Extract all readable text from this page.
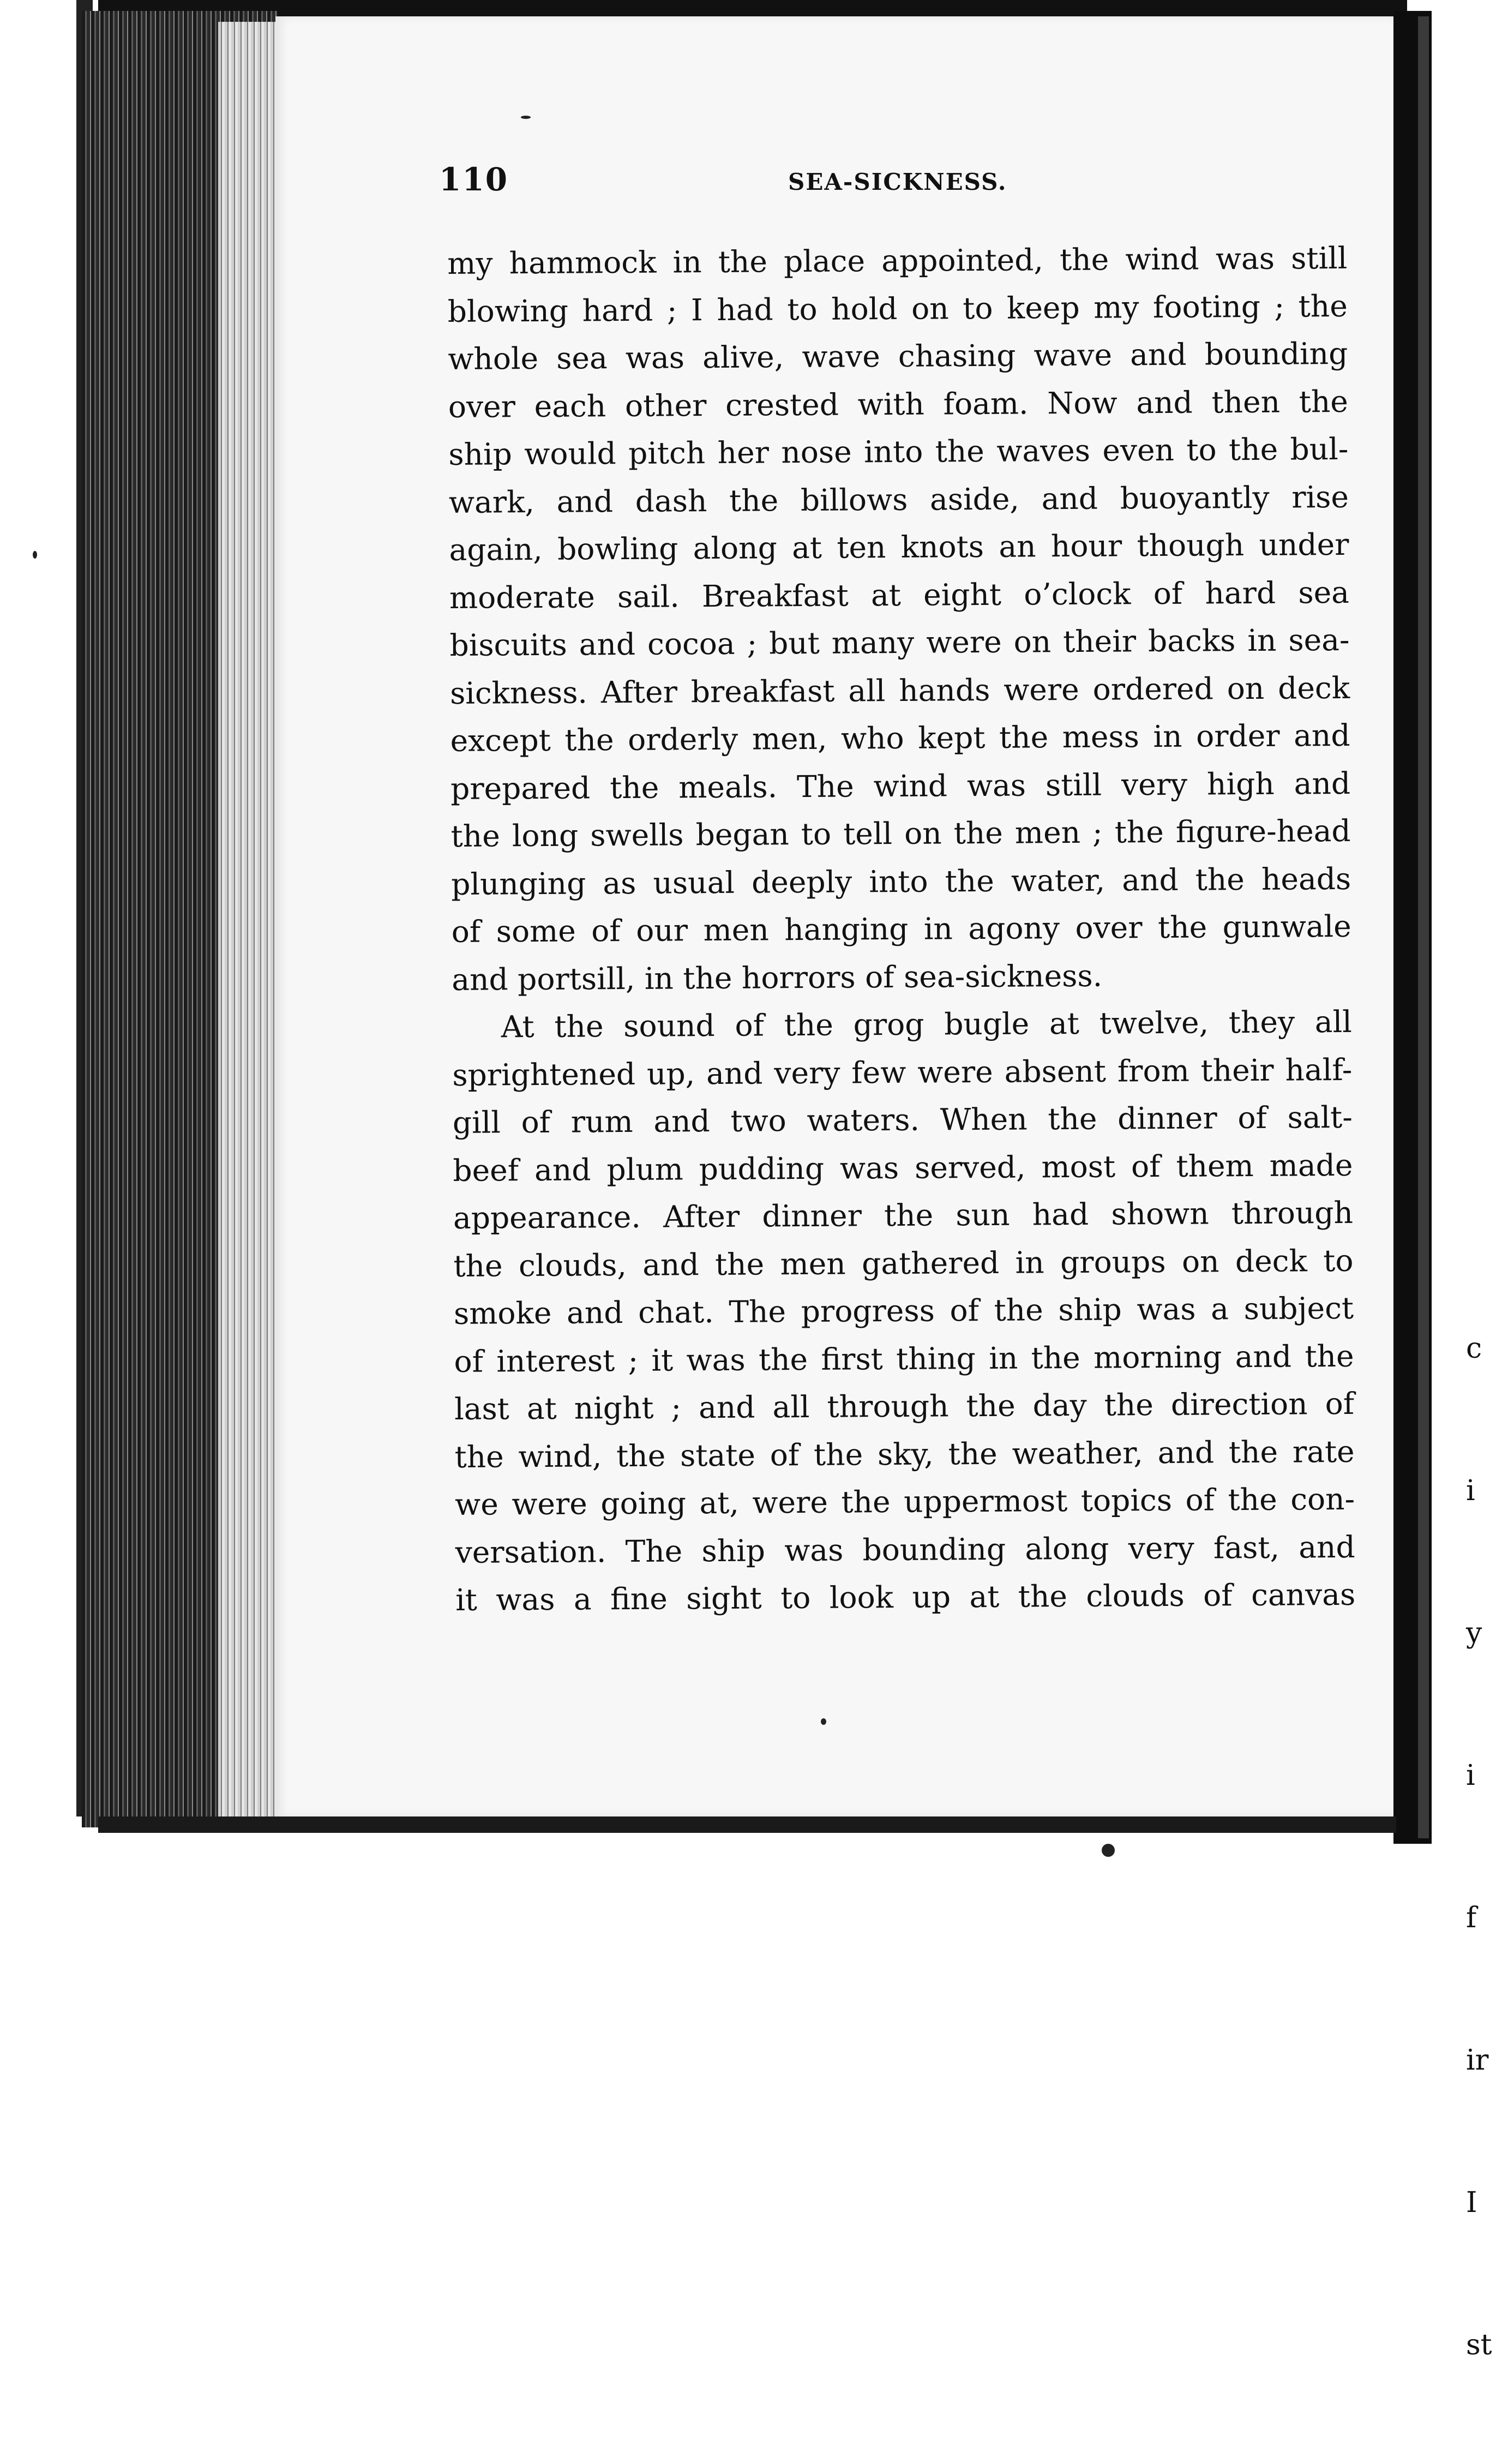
110	SEA-SICKNESS.
my hammock in the place appointed, the wind was still
blowing hard ; I had to hold on to keep my footing ; the
whole sea was alive, wave chasing wave and bounding
over each other crested with foam. Now and then the
ship would pitch her nose into the waves even to the bul-
wark, and dash the billows aside, and buoyantly rise
again, bowling along at ten knots an hour though under
moderate sail. Breakfast at eight o’clock of hard sea
biscuits and cocoa ; but many were on their backs in sea-
sickness. After breakfast all hands were ordered on deck
except the orderly men, who kept the mess in order and
prepared the meals. The wind was still very high and
the long swells began to tell on the men ; the figure-head
plunging as usual deeply into the water, and the heads
of some of our men hanging in agony over the gunwale
and portsill, in the horrors of sea-sickness.
At the sound of the grog bugle at twelve, they all
sprightened up, and very few were absent from their half-
gill of rum and two waters. When the dinner of salt-
beef and plum pudding was served, most of them made
appearance. After dinner the sun had shown through
the clouds, and the men gathered in groups on deck to
smoke and chat. The progress of the ship was a subject
of interest ; it was the first thing in the morning and the
last at night ; and all through the day the direction of
the wind, the state of the sky, the weather, and the rate
we were going at, were the uppermost topics of the con-
versation. The ship was bounding along very fast, and
it was a fine sight to look up at the clouds of canvas

c

i

y

i

f

ir

I

st
